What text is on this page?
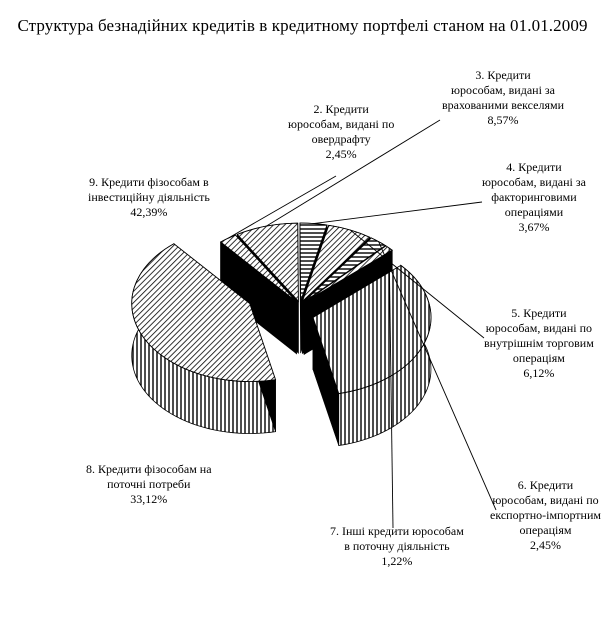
Структура безнадійних кредитів в кредитному портфелі станом на 01.01.2009
2. Кредити
юрособам, видані по
овердрафту
2,45%
3. Кредити
юрособам, видані за
врахованими векселями
8,57%
4. Кредити
юрособам, видані за
факторинговими
операціями
3,67%
5. Кредити
юрособам, видані по
внутрішнім торговим
операціям
6,12%
6. Кредити
юрособам, видані по
експортно-імпортним
операціям
2,45%
7. Інші кредити юрособам
в поточну діяльність
1,22%
8. Кредити фізособам на
поточні потреби
33,12%
9. Кредити фізособам в
інвестиційну діяльність
42,39%
